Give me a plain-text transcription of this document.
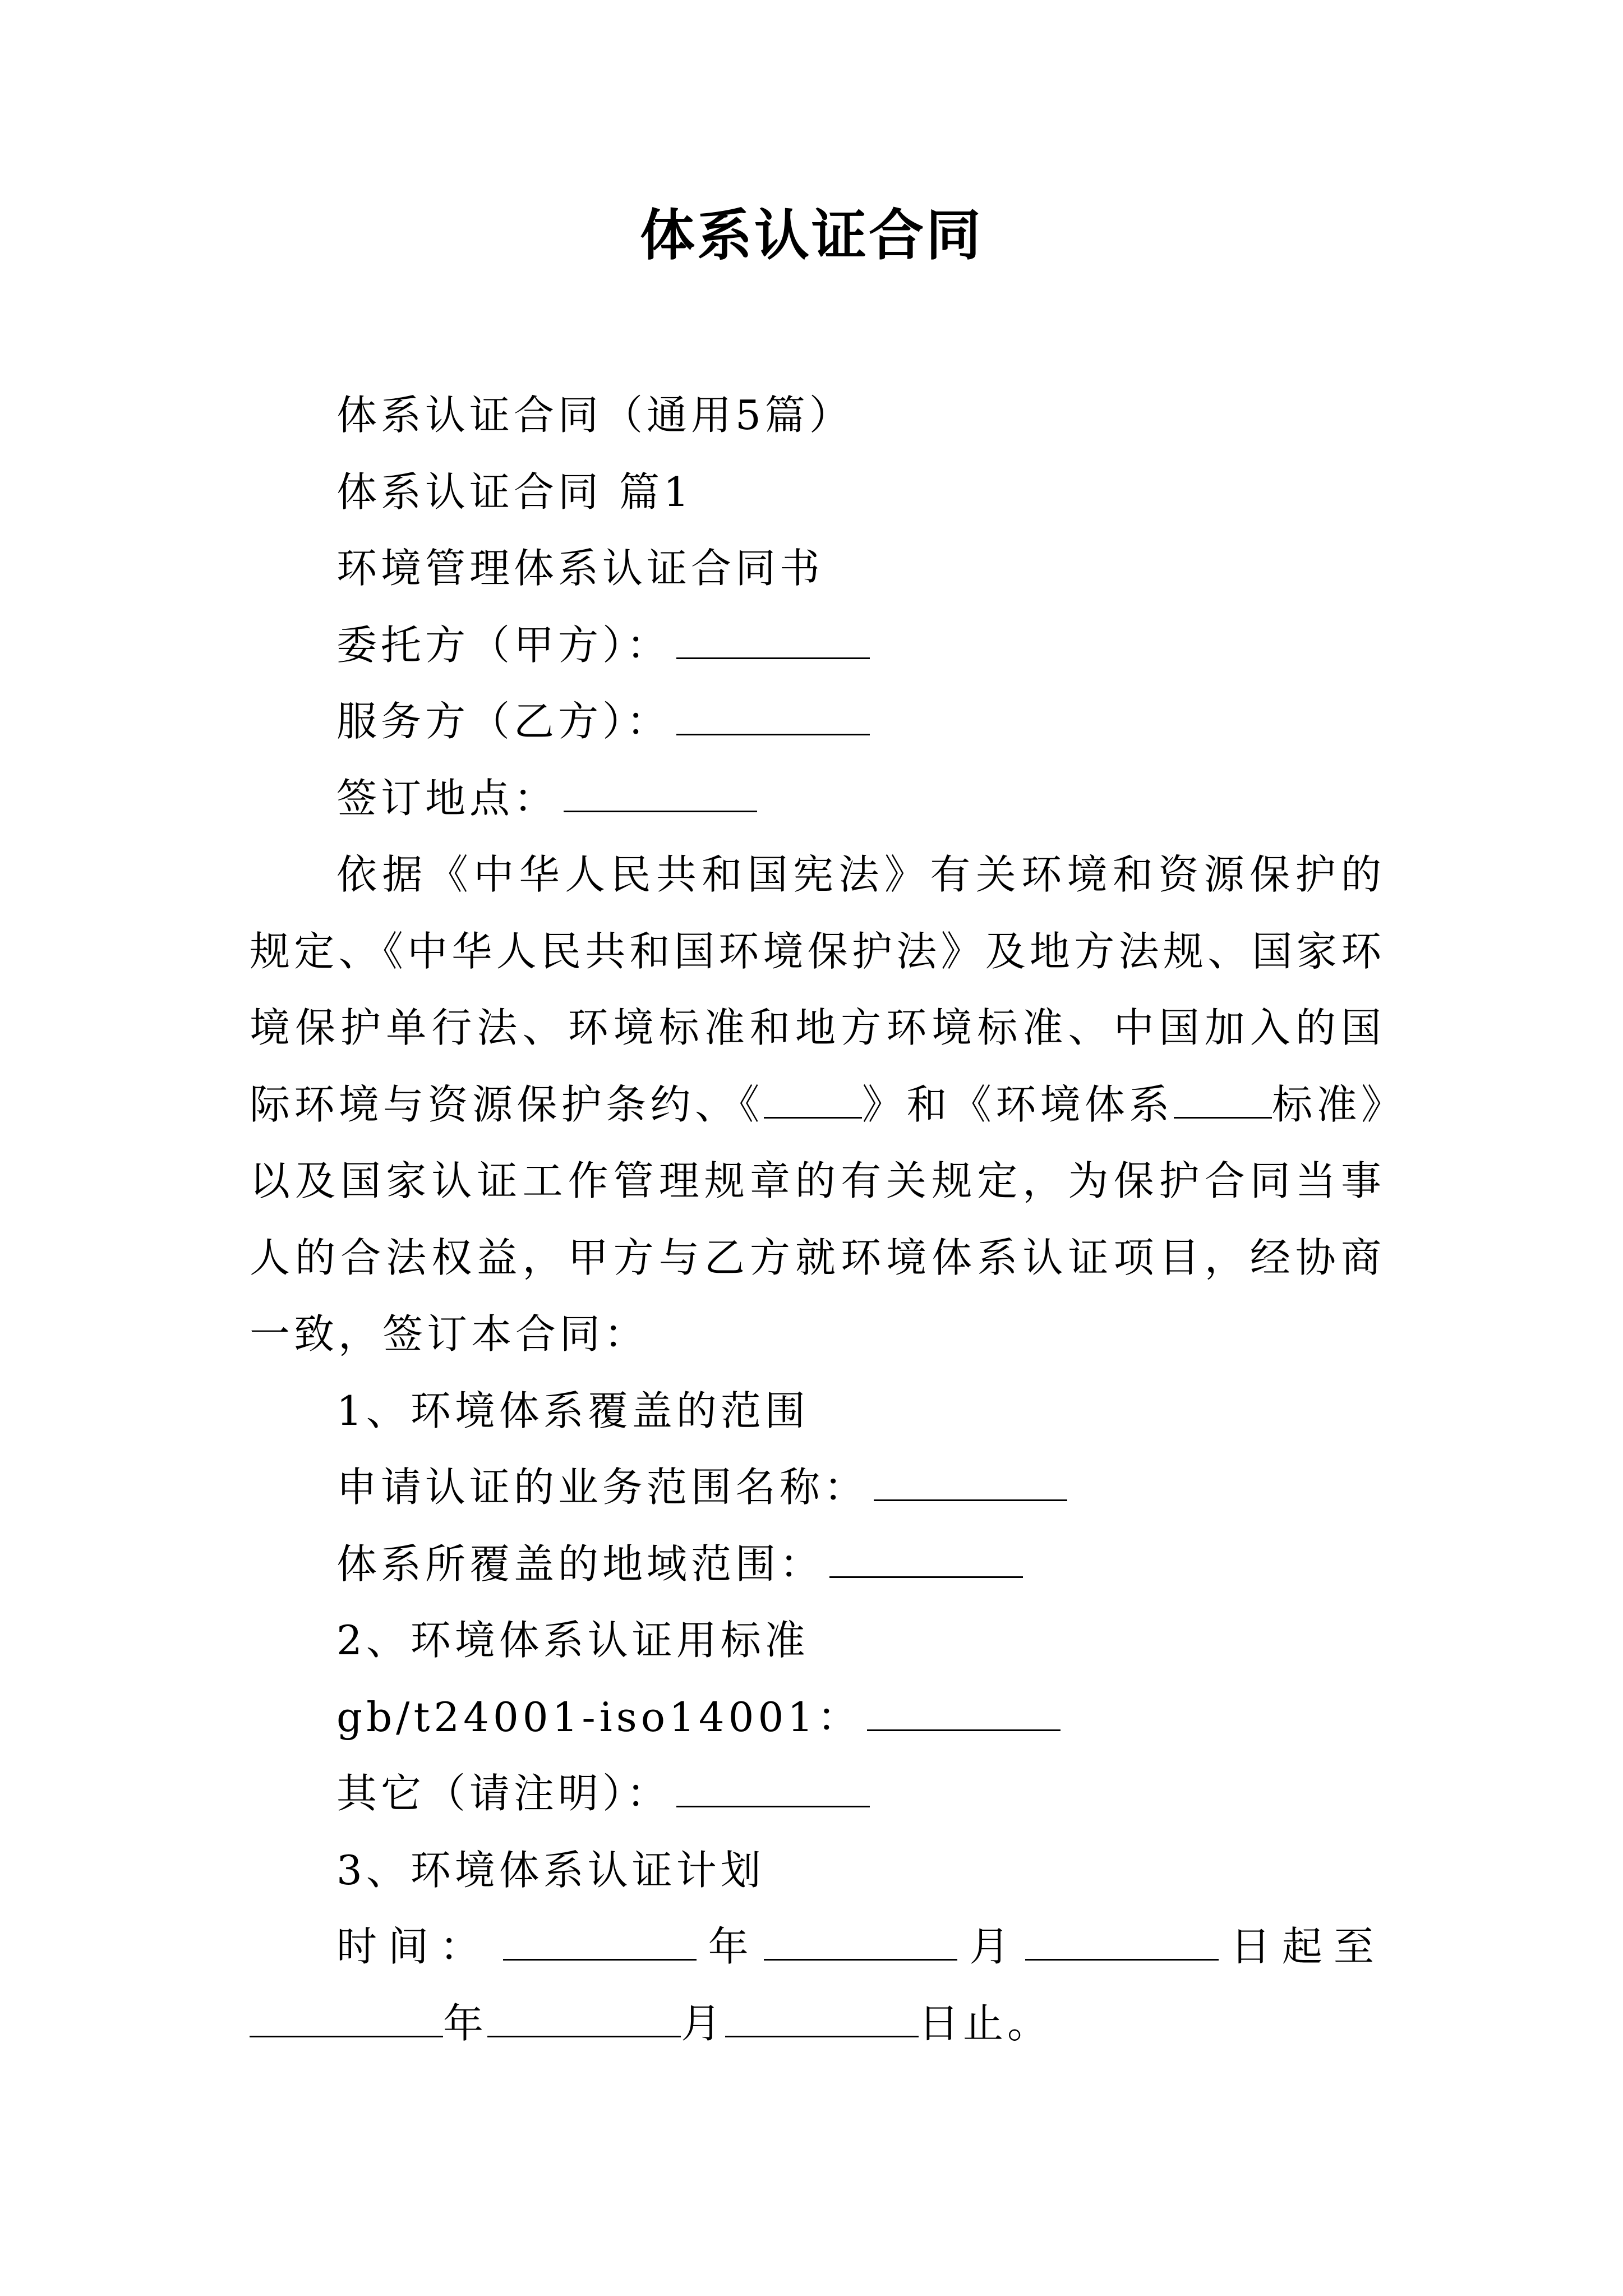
体系认证合同
体系认证合同（通用5篇）
体系认证合同 篇1
环境管理体系认证合同书
委托方（甲方）：
服务方（乙方）：
签订地点：
依据《中华人民共和国宪法》有关环境和资源保护的规定、《中华人民共和国环境保护法》及地方法规、国家环境保护单行法、环境标准和地方环境标准、中国加入的国际环境与资源保护条约、《 》和《环境体系 标准》以及国家认证工作管理规章的有关规定，为保护合同当事人的合法权益，甲方与乙方就环境体系认证项目，经协商一致，签订本合同：
1、环境体系覆盖的范围
申请认证的业务范围名称：
体系所覆盖的地域范围：
2、环境体系认证用标准
gb/t24001-iso14001：
其它（请注明）：
3、环境体系认证计划
时间：	年	月	日起至
年	月	日止。
